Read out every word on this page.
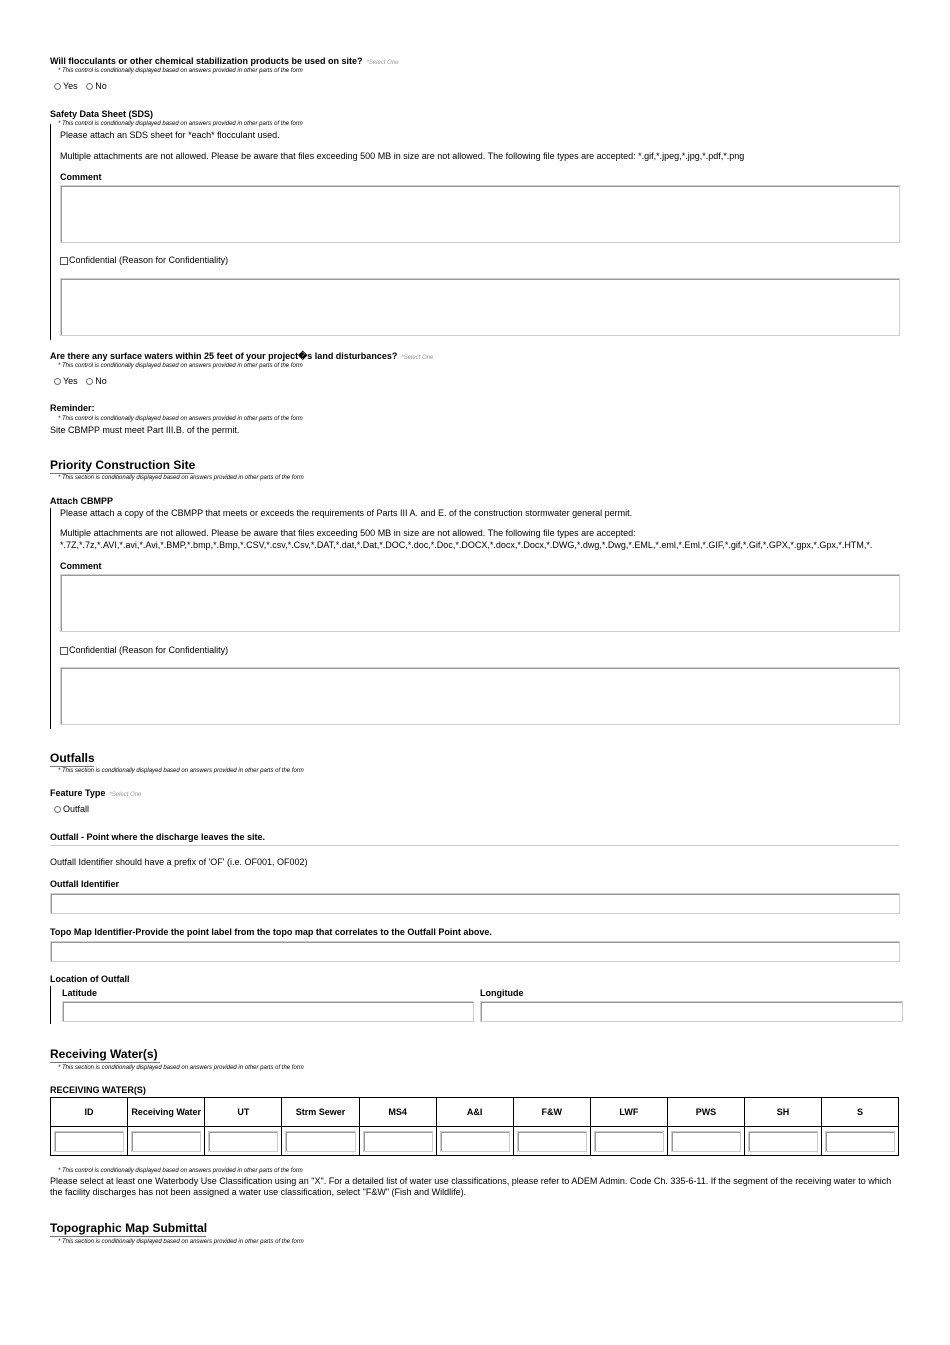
Will flocculants or other chemical stabilization products be used on site? *Select One
* This control is conditionally displayed based on answers provided in other parts of the form
Yes No
Safety Data Sheet (SDS)
* This control is conditionally displayed based on answers provided in other parts of the form
Please attach an SDS sheet for *each* flocculant used.
Multiple attachments are not allowed. Please be aware that files exceeding 500 MB in size are not allowed. The following file types are accepted: *.gif,*.jpeg,*.jpg,*.pdf,*.png
Comment
Confidential (Reason for Confidentiality)
Are there any surface waters within 25 feet of your project�s land disturbances? *Select One
* This control is conditionally displayed based on answers provided in other parts of the form
Yes No
Reminder:
* This control is conditionally displayed based on answers provided in other parts of the form
Site CBMPP must meet Part III.B. of the permit.
Priority Construction Site
* This section is conditionally displayed based on answers provided in other parts of the form
Attach CBMPP
Please attach a copy of the CBMPP that meets or exceeds the requirements of Parts III A. and E. of the construction stormwater general permit.
Multiple attachments are not allowed. Please be aware that files exceeding 500 MB in size are not allowed. The following file types are accepted:
*.7Z,*.7z,*.AVI,*.avi,*.Avi,*.BMP,*.bmp,*.Bmp,*.CSV,*.csv,*.Csv,*.DAT,*.dat,*.Dat,*.DOC,*.doc,*.Doc,*.DOCX,*.docx,*.Docx,*.DWG,*.dwg,*.Dwg,*.EML,*.eml,*.Eml,*.GIF,*.gif,*.Gif,*.GPX,*.gpx,*.Gpx,*.HTM,*.
Comment
Confidential (Reason for Confidentiality)
Outfalls
* This section is conditionally displayed based on answers provided in other parts of the form
Feature Type *Select One
Outfall
Outfall - Point where the discharge leaves the site.
Outfall Identifier should have a prefix of 'OF' (i.e. OF001, OF002)
Outfall Identifier
Topo Map Identifier-Provide the point label from the topo map that correlates to the Outfall Point above.
Location of Outfall
Latitude	Longitude
Receiving Water(s)
* This section is conditionally displayed based on answers provided in other parts of the form
RECEIVING WATER(S)
ID	Receiving Water	UT	Strm Sewer	MS4	A&I	F&W	LWF	PWS	SH	S

* This control is conditionally displayed based on answers provided in other parts of the form
Please select at least one Waterbody Use Classification using an "X". For a detailed list of water use classifications, please refer to ADEM Admin. Code Ch. 335-6-11. If the segment of the receiving water to which the facility discharges has not been assigned a water use classification, select "F&W" (Fish and Wildlife).
Topographic Map Submittal
* This section is conditionally displayed based on answers provided in other parts of the form
